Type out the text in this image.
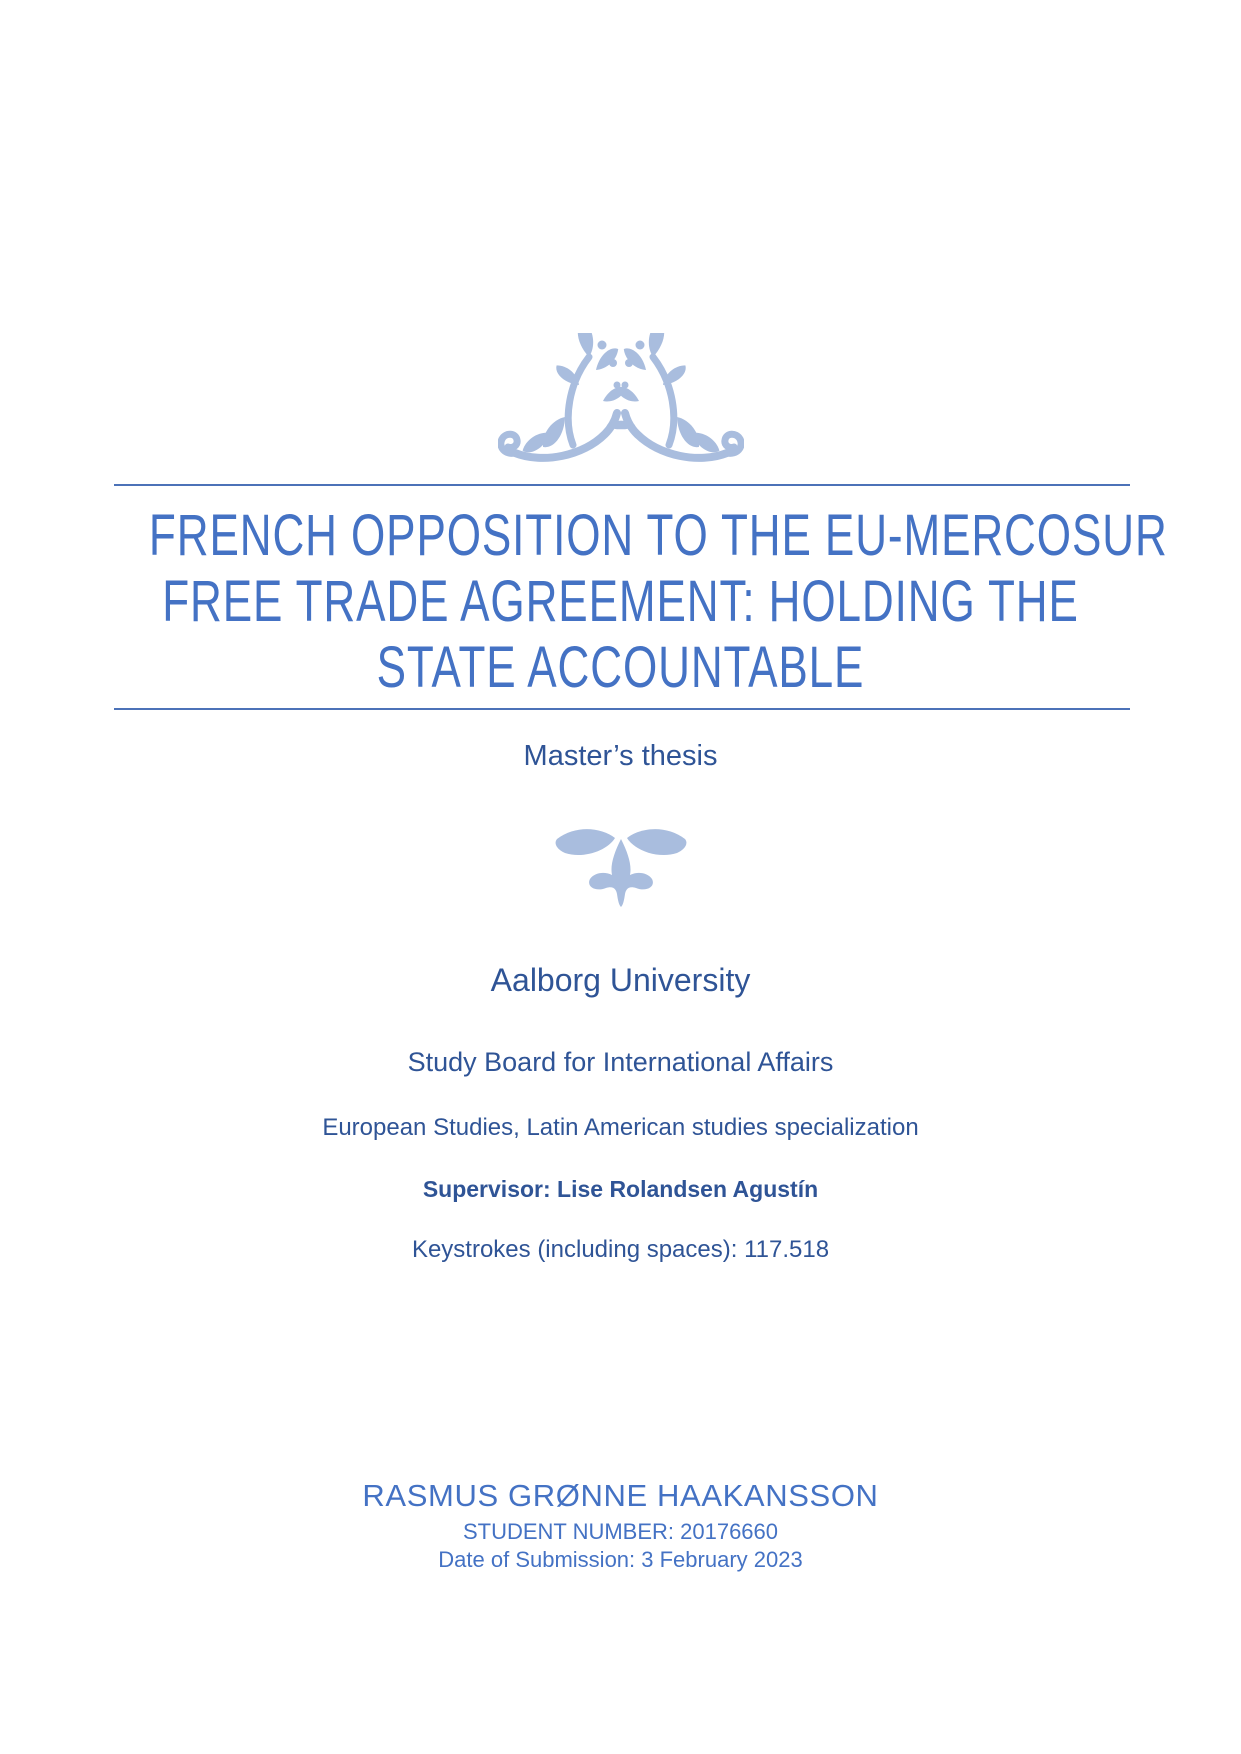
FRENCH OPPOSITION TO THE EU-MERCOSUR
FREE TRADE AGREEMENT: HOLDING THE
STATE ACCOUNTABLE
Master’s thesis
Aalborg University
Study Board for International Affairs
European Studies, Latin American studies specialization
Supervisor: Lise Rolandsen Agustín
Keystrokes (including spaces): 117.518
RASMUS GRØNNE HAAKANSSON
STUDENT NUMBER: 20176660
Date of Submission: 3 February 2023
